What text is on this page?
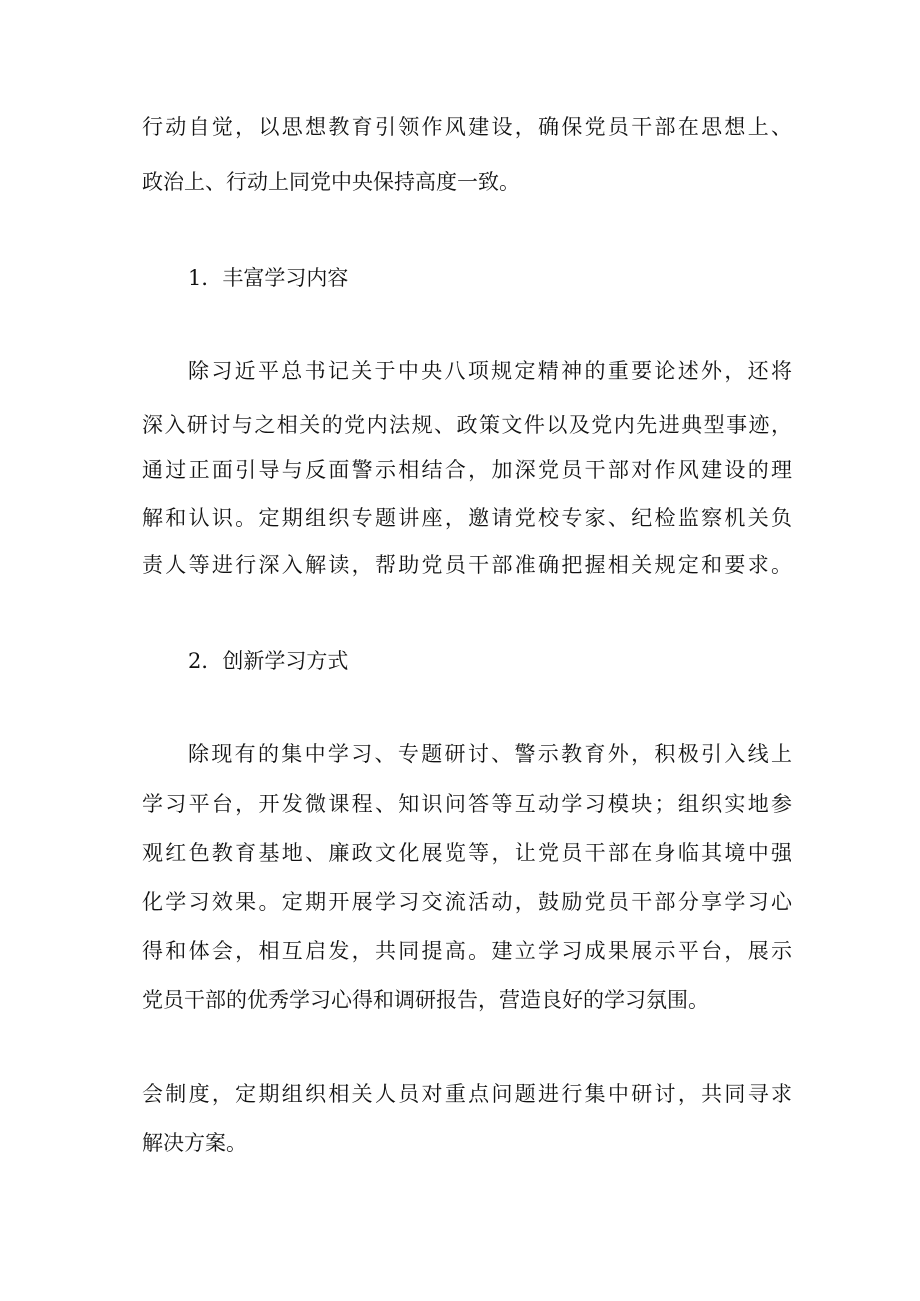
行动自觉，以思想教育引领作风建设，确保党员干部在思想上、
政治上、行动上同党中央保持高度一致。
1．丰富学习内容
除习近平总书记关于中央八项规定精神的重要论述外，还将
深入研讨与之相关的党内法规、政策文件以及党内先进典型事迹，
通过正面引导与反面警示相结合，加深党员干部对作风建设的理
解和认识。定期组织专题讲座，邀请党校专家、纪检监察机关负
责人等进行深入解读，帮助党员干部准确把握相关规定和要求。
2．创新学习方式
除现有的集中学习、专题研讨、警示教育外，积极引入线上
学习平台，开发微课程、知识问答等互动学习模块；组织实地参
观红色教育基地、廉政文化展览等，让党员干部在身临其境中强
化学习效果。定期开展学习交流活动，鼓励党员干部分享学习心
得和体会，相互启发，共同提高。建立学习成果展示平台，展示
党员干部的优秀学习心得和调研报告，营造良好的学习氛围。
会制度，定期组织相关人员对重点问题进行集中研讨，共同寻求
解决方案。
